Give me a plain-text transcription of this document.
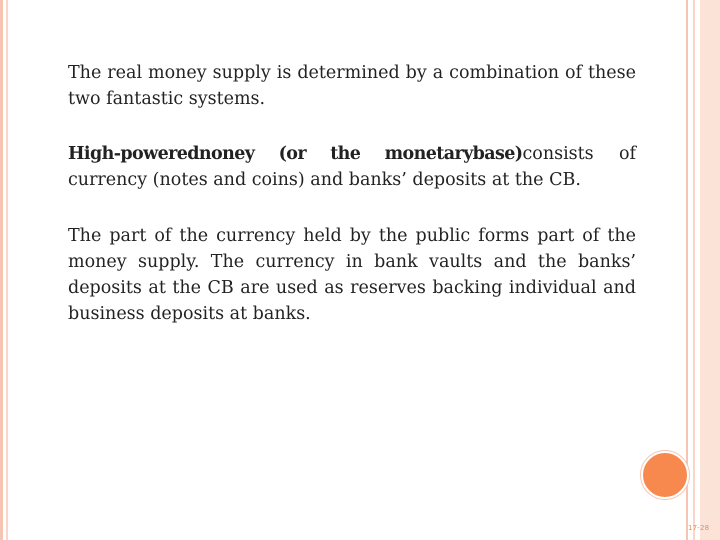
17-28

The real money supply is determined by a combination of these two fantastic systems.

High-powerednoney (or the monetarybase)consists of currency (notes and coins) and banks’ deposits at the CB.

The part of the currency held by the public forms part of the money supply. The currency in bank vaults and the banks’ deposits at the CB are used as reserves backing individual and business deposits at banks.
